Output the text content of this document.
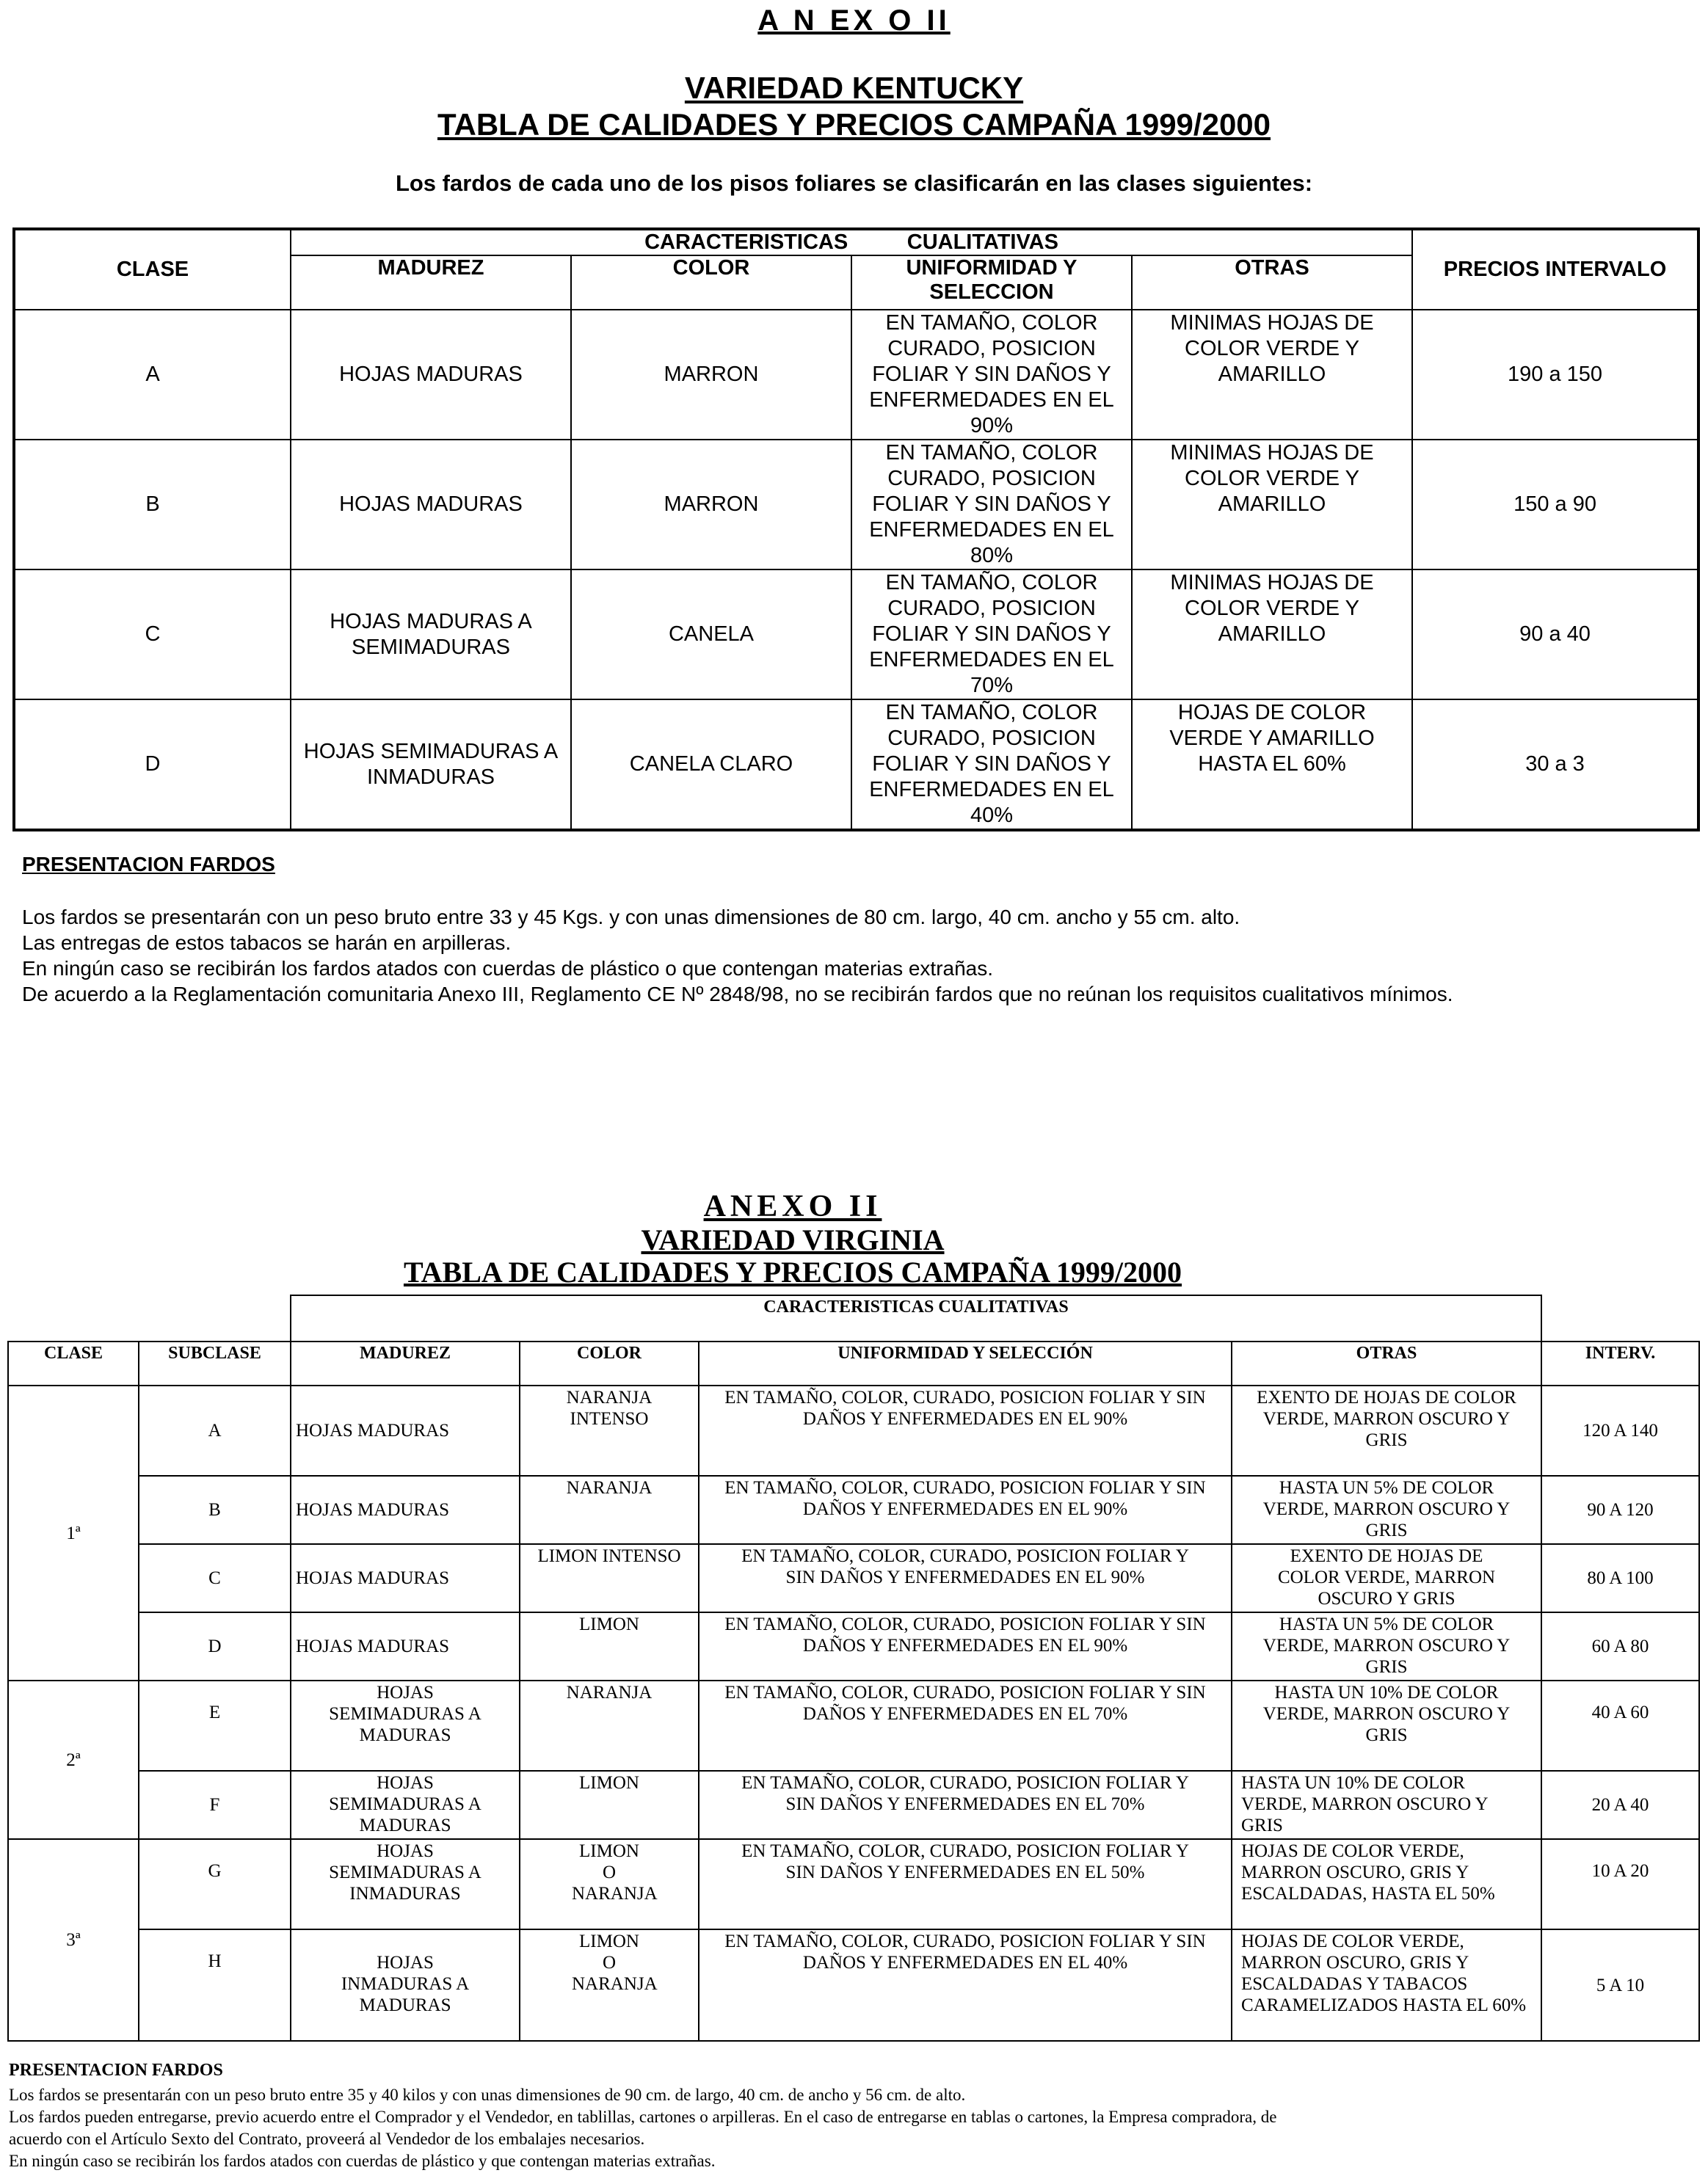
A N EX O II
VARIEDAD KENTUCKY
TABLA DE CALIDADES Y PRECIOS CAMPAÑA 1999/2000
Los fardos de cada uno de los pisos foliares se clasificarán en las clases siguientes:
CLASE	CARACTERISTICAS          CUALITATIVAS				PRECIOS INTERVALO
	MADUREZ	COLOR	UNIFORMIDAD Y SELECCION	OTRAS	
A	HOJAS MADURAS	MARRON	EN TAMAÑO, COLOR CURADO, POSICION FOLIAR Y SIN DAÑOS Y ENFERMEDADES EN EL 90%	MINIMAS HOJAS DE COLOR VERDE Y AMARILLO	190 a 150
B	HOJAS MADURAS	MARRON	EN TAMAÑO, COLOR CURADO, POSICION FOLIAR Y SIN DAÑOS Y ENFERMEDADES EN EL 80%	MINIMAS HOJAS DE COLOR VERDE Y AMARILLO	150 a 90
C	HOJAS MADURAS A SEMIMADURAS	CANELA	EN TAMAÑO, COLOR CURADO, POSICION FOLIAR Y SIN DAÑOS Y ENFERMEDADES EN EL 70%	MINIMAS HOJAS DE COLOR VERDE Y AMARILLO	90 a 40
D	HOJAS SEMIMADURAS A INMADURAS	CANELA CLARO	EN TAMAÑO, COLOR CURADO, POSICION FOLIAR Y SIN DAÑOS Y ENFERMEDADES EN EL 40%	HOJAS DE COLOR VERDE Y AMARILLO HASTA EL 60%	30 a 3
PRESENTACION FARDOS
Los fardos se presentarán con un peso bruto entre 33 y 45 Kgs. y con unas dimensiones de 80 cm. largo, 40 cm. ancho y 55 cm. alto.
Las entregas de estos tabacos se harán en arpilleras.
En ningún caso se recibirán los fardos atados con cuerdas de plástico o que contengan materias extrañas.
De acuerdo a la Reglamentación comunitaria Anexo III, Reglamento CE Nº 2848/98, no se recibirán fardos que no reúnan los requisitos cualitativos mínimos.
ANEXO II
VARIEDAD VIRGINIA
TABLA DE CALIDADES Y PRECIOS CAMPAÑA 1999/2000
		CARACTERISTICAS CUALITATIVAS				
CLASE	SUBCLASE	MADUREZ	COLOR	UNIFORMIDAD Y SELECCIÓN	OTRAS	INTERV.
1ª	A	HOJAS MADURAS	NARANJA INTENSO	EN TAMAÑO, COLOR, CURADO, POSICION FOLIAR Y SIN DAÑOS Y ENFERMEDADES EN EL 90%	EXENTO DE HOJAS DE COLOR VERDE, MARRON OSCURO Y GRIS	120 A 140
	B	HOJAS MADURAS	NARANJA	EN TAMAÑO, COLOR, CURADO, POSICION FOLIAR Y SIN DAÑOS Y ENFERMEDADES EN EL 90%	HASTA UN 5% DE COLOR VERDE, MARRON OSCURO Y GRIS	90 A 120
	C	HOJAS MADURAS	LIMON INTENSO	EN TAMAÑO, COLOR, CURADO, POSICION FOLIAR Y SIN DAÑOS Y ENFERMEDADES EN EL 90%	EXENTO DE HOJAS DE COLOR VERDE, MARRON OSCURO Y GRIS	80 A 100
	D	HOJAS MADURAS	LIMON	EN TAMAÑO, COLOR, CURADO, POSICION FOLIAR Y SIN DAÑOS Y ENFERMEDADES EN EL 90%	HASTA UN 5% DE COLOR VERDE, MARRON OSCURO Y GRIS	60 A 80
2ª	E	HOJAS SEMIMADURAS A MADURAS	NARANJA	EN TAMAÑO, COLOR, CURADO, POSICION FOLIAR Y SIN DAÑOS Y ENFERMEDADES EN EL 70%	HASTA UN 10% DE COLOR VERDE, MARRON OSCURO Y GRIS	40 A 60
	F	HOJAS SEMIMADURAS A MADURAS	LIMON	EN TAMAÑO, COLOR, CURADO, POSICION FOLIAR Y SIN DAÑOS Y ENFERMEDADES EN EL 70%	HASTA UN 10% DE COLOR VERDE, MARRON OSCURO Y GRIS	20 A 40
3ª	G	HOJAS SEMIMADURAS A INMADURAS	LIMON O NARANJA	EN TAMAÑO, COLOR, CURADO, POSICION FOLIAR Y SIN DAÑOS Y ENFERMEDADES EN EL 50%	HOJAS DE COLOR VERDE, MARRON OSCURO, GRIS Y ESCALDADAS, HASTA EL 50%	10 A 20
	H	HOJAS INMADURAS A MADURAS	LIMON O NARANJA	EN TAMAÑO, COLOR, CURADO, POSICION FOLIAR Y SIN DAÑOS Y ENFERMEDADES EN EL 40%	HOJAS DE COLOR VERDE, MARRON OSCURO, GRIS Y ESCALDADAS Y TABACOS CARAMELIZADOS HASTA EL 60%	5 A 10
PRESENTACION FARDOS
Los fardos se presentarán con un peso bruto entre 35 y 40 kilos y con unas dimensiones de 90 cm. de largo, 40 cm. de ancho y 56 cm. de alto.
Los fardos pueden entregarse, previo acuerdo entre el Comprador y el Vendedor, en tablillas, cartones o arpilleras. En el caso de entregarse en tablas o cartones, la Empresa compradora, de
acuerdo con el Artículo Sexto del Contrato, proveerá al Vendedor de los embalajes necesarios.
En ningún caso se recibirán los fardos atados con cuerdas de plástico y que contengan materias extrañas.
